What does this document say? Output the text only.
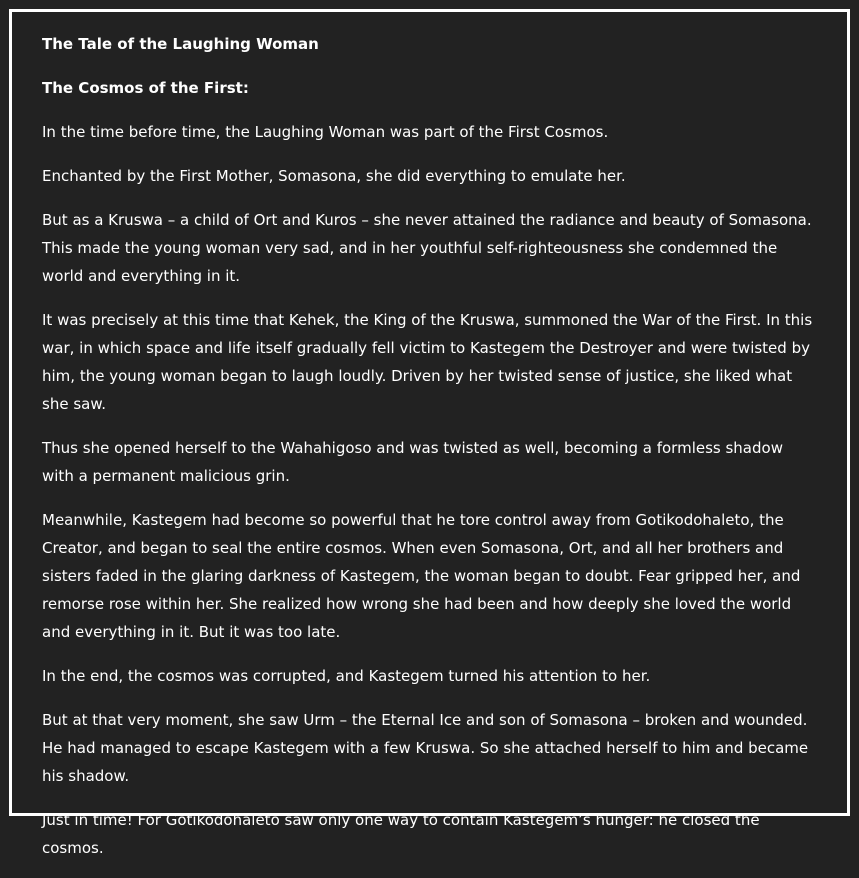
The Tale of the Laughing Woman

The Cosmos of the First:

In the time before time, the Laughing Woman was part of the First Cosmos.

Enchanted by the First Mother, Somasona, she did everything to emulate her.

But as a Kruswa – a child of Ort and Kuros – she never attained the radiance and beauty of Somasona. This made the young woman very sad, and in her youthful self-righteousness she condemned the world and everything in it.

It was precisely at this time that Kehek, the King of the Kruswa, summoned the War of the First. In this war, in which space and life itself gradually fell victim to Kastegem the Destroyer and were twisted by him, the young woman began to laugh loudly. Driven by her twisted sense of justice, she liked what she saw.

Thus she opened herself to the Wahahigoso and was twisted as well, becoming a formless shadow with a permanent malicious grin.

Meanwhile, Kastegem had become so powerful that he tore control away from Gotikodohaleto, the Creator, and began to seal the entire cosmos. When even Somasona, Ort, and all her brothers and sisters faded in the glaring darkness of Kastegem, the woman began to doubt. Fear gripped her, and remorse rose within her. She realized how wrong she had been and how deeply she loved the world and everything in it. But it was too late.

In the end, the cosmos was corrupted, and Kastegem turned his attention to her.

But at that very moment, she saw Urm – the Eternal Ice and son of Somasona – broken and wounded. He had managed to escape Kastegem with a few Kruswa. So she attached herself to him and became his shadow.

Just in time! For Gotikodohaleto saw only one way to contain Kastegem’s hunger: he closed the cosmos.
